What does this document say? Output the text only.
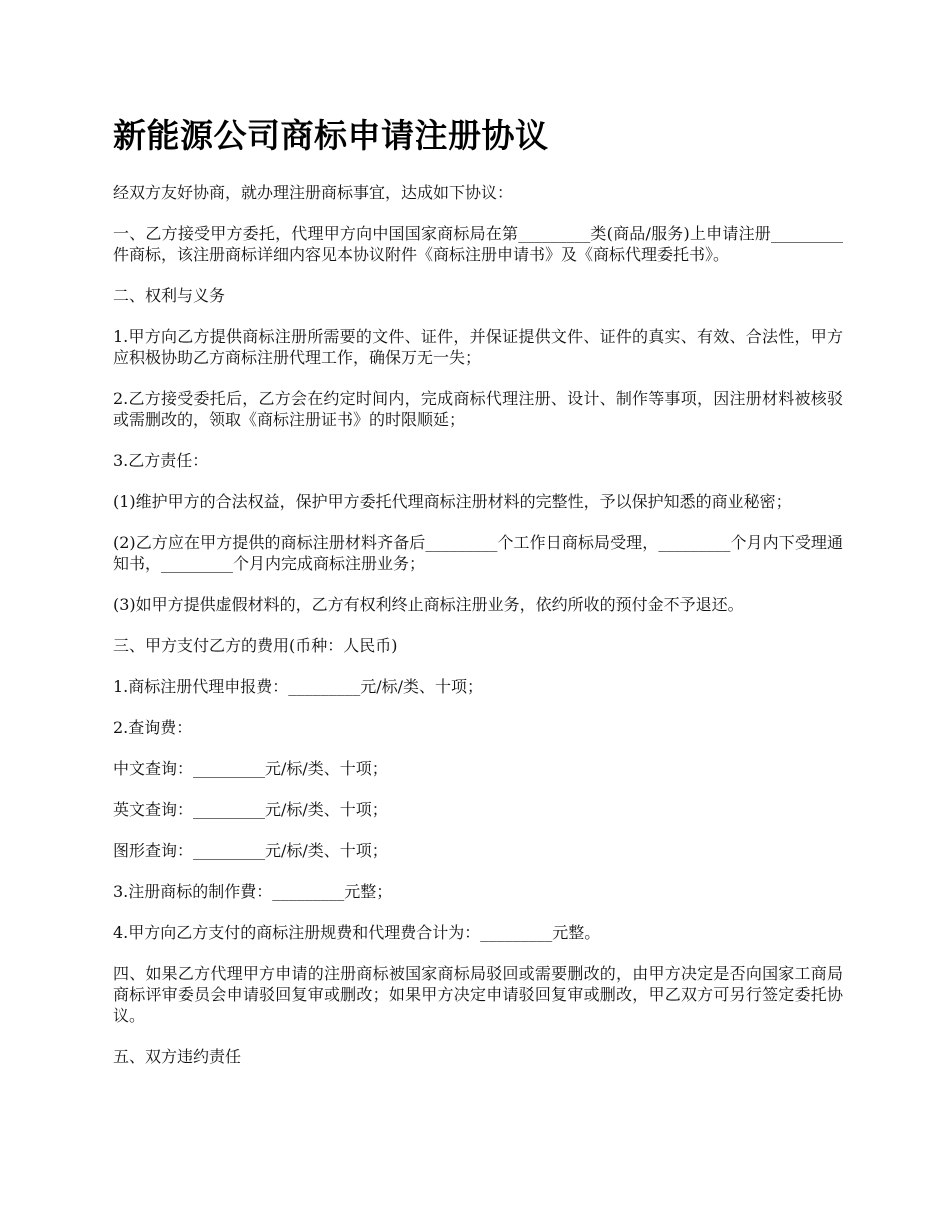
新能源公司商标申请注册协议

经双方友好协商，就办理注册商标事宜，达成如下协议：

一、乙方接受甲方委托，代理甲方向中国国家商标局在第_________类(商品/服务)上申请注册_________件商标，该注册商标详细内容见本协议附件《商标注册申请书》及《商标代理委托书》。

二、权利与义务

1.甲方向乙方提供商标注册所需要的文件、证件，并保证提供文件、证件的真实、有效、合法性，甲方应积极协助乙方商标注册代理工作，确保万无一失；

2.乙方接受委托后，乙方会在约定时间内，完成商标代理注册、设计、制作等事项，因注册材料被核驳或需删改的，领取《商标注册证书》的时限顺延；

3.乙方责任：

(1)维护甲方的合法权益，保护甲方委托代理商标注册材料的完整性，予以保护知悉的商业秘密；

(2)乙方应在甲方提供的商标注册材料齐备后_________个工作日商标局受理，_________个月内下受理通知书，_________个月内完成商标注册业务；

(3)如甲方提供虚假材料的，乙方有权利终止商标注册业务，依约所收的预付金不予退还。

三、甲方支付乙方的费用(币种：人民币)

1.商标注册代理申报费：_________元/标/类、十项；

2.查询费：

中文查询：_________元/标/类、十项；

英文查询：_________元/标/类、十项；

图形查询：_________元/标/类、十项；

3.注册商标的制作費：_________元整；

4.甲方向乙方支付的商标注册规费和代理费合计为：_________元整。

四、如果乙方代理甲方申请的注册商标被国家商标局驳回或需要删改的，由甲方决定是否向国家工商局商标评审委员会申请驳回复审或删改；如果甲方决定申请驳回复审或删改，甲乙双方可另行签定委托协议。

五、双方违约责任
